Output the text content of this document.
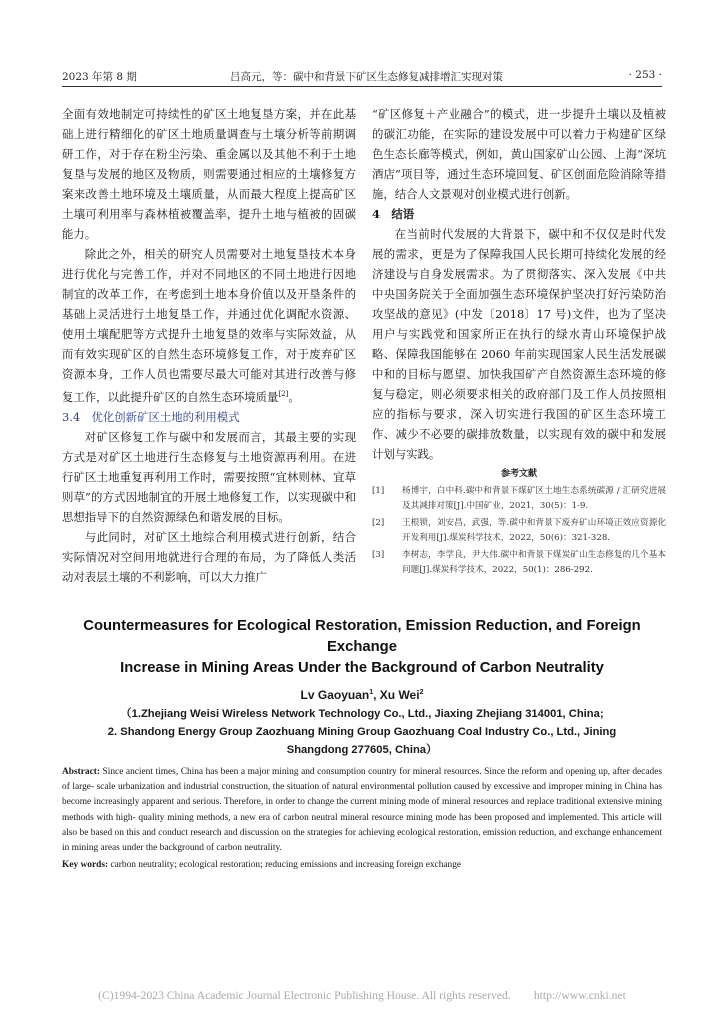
2023 年第 8 期	吕高元，等：碳中和背景下矿区生态修复减排增汇实现对策	· 253 ·

全面有效地制定可持续性的矿区土地复垦方案，并在此基础上进行精细化的矿区土地质量调查与土壤分析等前期调研工作，对于存在粉尘污染、重金属以及其他不利于土地复垦与发展的地区及物质，则需要通过相应的土壤修复方案来改善土地环境及土壤质量，从而最大程度上提高矿区土壤可利用率与森林植被覆盖率，提升土地与植被的固碳能力。

除此之外，相关的研究人员需要对土地复垦技术本身进行优化与完善工作，并对不同地区的不同土地进行因地制宜的改革工作，在考虑到土地本身价值以及开垦条件的基础上灵活进行土地复垦工作，并通过优化调配水资源、使用土壤配肥等方式提升土地复垦的效率与实际效益，从而有效实现矿区的自然生态环境修复工作，对于废弃矿区资源本身，工作人员也需要尽最大可能对其进行改善与修复工作，以此提升矿区的自然生态环境质量[2]。

3.4　优化创新矿区土地的利用模式

对矿区修复工作与碳中和发展而言，其最主要的实现方式是对矿区土地进行生态修复与土地资源再利用。在进行矿区土地重复再利用工作时，需要按照“宜林则林、宜草则草”的方式因地制宜的开展土地修复工作，以实现碳中和思想指导下的自然资源绿色和谐发展的目标。

与此同时，对矿区土地综合利用模式进行创新，结合实际情况对空间用地就进行合理的布局，为了降低人类活动对表层土壤的不利影响，可以大力推广

“矿区修复＋产业融合”的模式，进一步提升土壤以及植被的碳汇功能，在实际的建设发展中可以着力于构建矿区绿色生态长廊等模式，例如，黄山国家矿山公园、上海“深坑酒店”项目等，通过生态环境回复、矿区创面危险消除等措施，结合人文景观对创业模式进行创新。

4　结语

在当前时代发展的大背景下，碳中和不仅仅是时代发展的需求，更是为了保障我国人民长期可持续化发展的经济建设与自身发展需求。为了贯彻落实、深入发展《中共中央国务院关于全面加强生态环境保护坚决打好污染防治攻坚战的意见》(中发〔2018〕17 号)文件，也为了坚决用户与实践党和国家所正在执行的绿水青山环境保护战略、保障我国能够在 2060 年前实现国家人民生活发展碳中和的目标与愿望、加快我国矿产自然资源生态环境的修复与稳定，则必须要求相关的政府部门及工作人员按照相应的指标与要求，深入切实进行我国的矿区生态环境工作、减少不必要的碳排放数量，以实现有效的碳中和发展计划与实践。

参考文献

[1] 杨博宇，白中科.碳中和背景下煤矿区土地生态系统碳源 / 汇研究进展及其减排对策[J].中国矿业，2021，30(5)：1-9.
[2] 王根锁，刘安昌，武强，等.碳中和背景下废弃矿山环境正效应资源化开发利用[J].煤炭科学技术，2022，50(6)：321-328.
[3] 李树志，李学良，尹大伟.碳中和背景下煤炭矿山生态修复的几个基本问题[J].煤炭科学技术，2022，50(1)：286-292.

Countermeasures for Ecological Restoration, Emission Reduction, and Foreign Exchange

Increase in Mining Areas Under the Background of Carbon Neutrality

Lv Gaoyuan$^1$, Xu Wei$^2$

（1.Zhejiang Weisi Wireless Network Technology Co., Ltd., Jiaxing Zhejiang 314001, China;

2. Shandong Energy Group Zaozhuang Mining Group Gaozhuang Coal Industry Co., Ltd., Jining

Shangdong 277605, China）

Abstract: Since ancient times, China has been a major mining and consumption country for mineral resources. Since the reform and opening up, after decades of large- scale urbanization and industrial construction, the situation of natural environmental pollution caused by excessive and improper mining in China has become increasingly apparent and serious. Therefore, in order to change the current mining mode of mineral resources and replace traditional extensive mining methods with high- quality mining methods, a new era of carbon neutral mineral resource mining mode has been proposed and implemented. This article will also be based on this and conduct research and discussion on the strategies for achieving ecological restoration, emission reduction, and exchange enhancement in mining areas under the background of carbon neutrality.

Key words: carbon neutrality; ecological restoration; reducing emissions and increasing foreign exchange

(C)1994-2023 China Academic Journal Electronic Publishing House. All rights reserved.　　http://www.cnki.net
